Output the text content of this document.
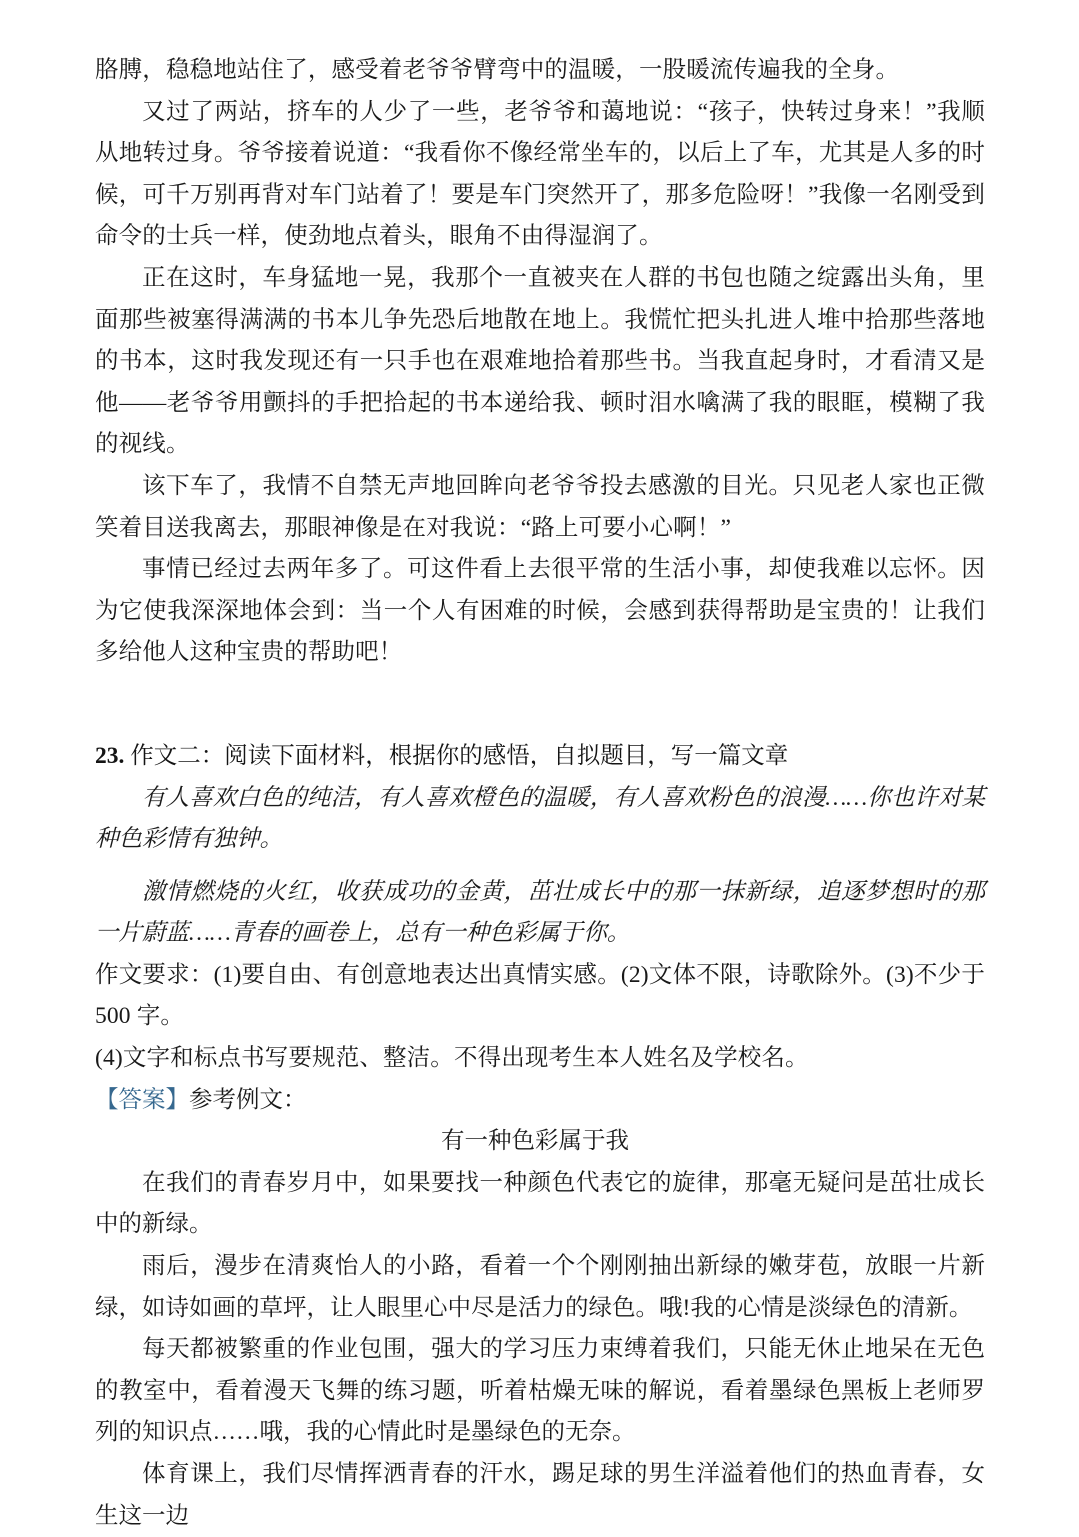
胳膊，稳稳地站住了，感受着老爷爷臂弯中的温暖，一股暖流传遍我的全身。

又过了两站，挤车的人少了一些，老爷爷和蔼地说：“孩子，快转过身来！”我顺从地转过身。爷爷接着说道：“我看你不像经常坐车的，以后上了车，尤其是人多的时候，可千万别再背对车门站着了！要是车门突然开了，那多危险呀！”我像一名刚受到命令的士兵一样，使劲地点着头，眼角不由得湿润了。

正在这时，车身猛地一晃，我那个一直被夹在人群的书包也随之绽露出头角，里面那些被塞得满满的书本儿争先恐后地散在地上。我慌忙把头扎进人堆中拾那些落地的书本，这时我发现还有一只手也在艰难地拾着那些书。当我直起身时，才看清又是他——老爷爷用颤抖的手把拾起的书本递给我、顿时泪水噙满了我的眼眶，模糊了我的视线。

该下车了，我情不自禁无声地回眸向老爷爷投去感激的目光。只见老人家也正微笑着目送我离去，那眼神像是在对我说：“路上可要小心啊！”

事情已经过去两年多了。可这件看上去很平常的生活小事，却使我难以忘怀。因为它使我深深地体会到：当一个人有困难的时候，会感到获得帮助是宝贵的！让我们多给他人这种宝贵的帮助吧！

23. 作文二：阅读下面材料，根据你的感悟，自拟题目，写一篇文章

有人喜欢白色的纯洁，有人喜欢橙色的温暖，有人喜欢粉色的浪漫……你也许对某种色彩情有独钟。

激情燃烧的火红，收获成功的金黄，茁壮成长中的那一抹新绿，追逐梦想时的那一片蔚蓝……青春的画卷上，总有一种色彩属于你。

作文要求：(1)要自由、有创意地表达出真情实感。(2)文体不限，诗歌除外。(3)不少于 500 字。

(4)文字和标点书写要规范、整洁。不得出现考生本人姓名及学校名。

【答案】参考例文：

有一种色彩属于我

在我们的青春岁月中，如果要找一种颜色代表它的旋律，那毫无疑问是茁壮成长中的新绿。

雨后，漫步在清爽怡人的小路，看着一个个刚刚抽出新绿的嫩芽苞，放眼一片新绿，如诗如画的草坪，让人眼里心中尽是活力的绿色。哦!我的心情是淡绿色的清新。

每天都被繁重的作业包围，强大的学习压力束缚着我们，只能无休止地呆在无色的教室中，看着漫天飞舞的练习题，听着枯燥无味的解说，看着墨绿色黑板上老师罗列的知识点……哦，我的心情此时是墨绿色的无奈。

体育课上，我们尽情挥洒青春的汗水，踢足球的男生洋溢着他们的热血青春，女生这一边
